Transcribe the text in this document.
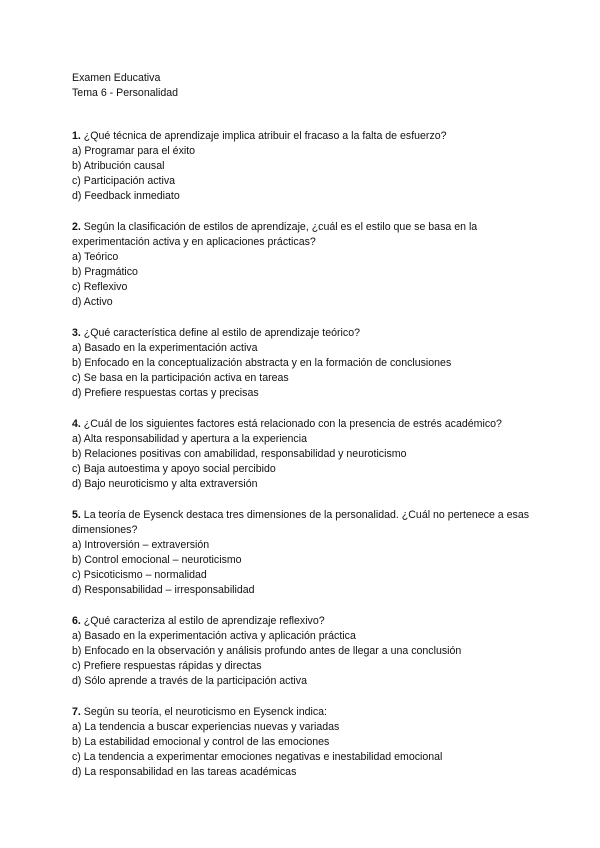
Examen Educativa
Tema 6 - Personalidad

1. ¿Qué técnica de aprendizaje implica atribuir el fracaso a la falta de esfuerzo?

a) Programar para el éxito
b) Atribución causal
c) Participación activa
d) Feedback inmediato

2. Según la clasificación de estilos de aprendizaje, ¿cuál es el estilo que se basa en la experimentación activa y en aplicaciones prácticas?

a) Teórico
b) Pragmático
c) Reflexivo
d) Activo

3. ¿Qué característica define al estilo de aprendizaje teórico?

a) Basado en la experimentación activa
b) Enfocado en la conceptualización abstracta y en la formación de conclusiones
c) Se basa en la participación activa en tareas
d) Prefiere respuestas cortas y precisas

4. ¿Cuál de los siguientes factores está relacionado con la presencia de estrés académico?

a) Alta responsabilidad y apertura a la experiencia
b) Relaciones positivas con amabilidad, responsabilidad y neuroticismo
c) Baja autoestima y apoyo social percibido
d) Bajo neuroticismo y alta extraversión

5. La teoría de Eysenck destaca tres dimensiones de la personalidad. ¿Cuál no pertenece a esas dimensiones?

a) Introversión – extraversión
b) Control emocional – neuroticismo
c) Psicoticismo – normalidad
d) Responsabilidad – irresponsabilidad

6. ¿Qué caracteriza al estilo de aprendizaje reflexivo?

a) Basado en la experimentación activa y aplicación práctica
b) Enfocado en la observación y análisis profundo antes de llegar a una conclusión
c) Prefiere respuestas rápidas y directas
d) Sólo aprende a través de la participación activa

7. Según su teoría, el neuroticismo en Eysenck indica:

a) La tendencia a buscar experiencias nuevas y variadas
b) La estabilidad emocional y control de las emociones
c) La tendencia a experimentar emociones negativas e inestabilidad emocional
d) La responsabilidad en las tareas académicas
